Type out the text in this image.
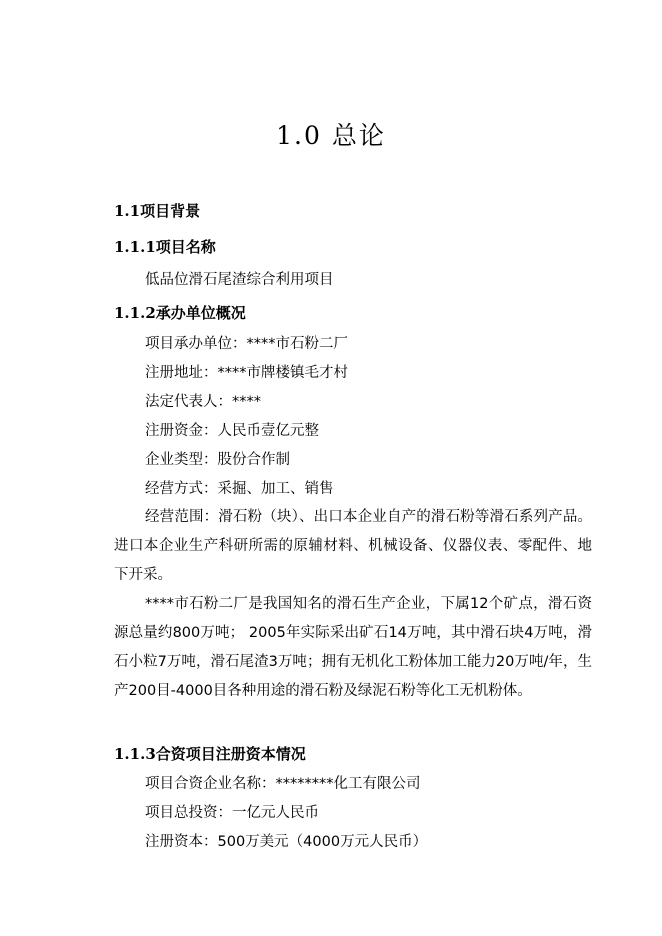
1.0 总论
1.1项目背景
1.1.1项目名称
低品位滑石尾渣综合利用项目
1.1.2承办单位概况
项目承办单位：****市石粉二厂
注册地址：****市牌楼镇毛才村
法定代表人：****
注册资金：人民币壹亿元整
企业类型：股份合作制
经营方式：采掘、加工、销售
经营范围：滑石粉（块）、出口本企业自产的滑石粉等滑石系列产品。进口本企业生产科研所需的原辅材料、机械设备、仪器仪表、零配件、地下开采。
****市石粉二厂是我国知名的滑石生产企业，下属12个矿点，滑石资源总量约800万吨； 2005年实际采出矿石14万吨，其中滑石块4万吨，滑石小粒7万吨，滑石尾渣3万吨；拥有无机化工粉体加工能力20万吨/年，生产200目-4000目各种用途的滑石粉及绿泥石粉等化工无机粉体。
1.1.3合资项目注册资本情况
项目合资企业名称：********化工有限公司
项目总投资：一亿元人民币
注册资本：500万美元（4000万元人民币）
